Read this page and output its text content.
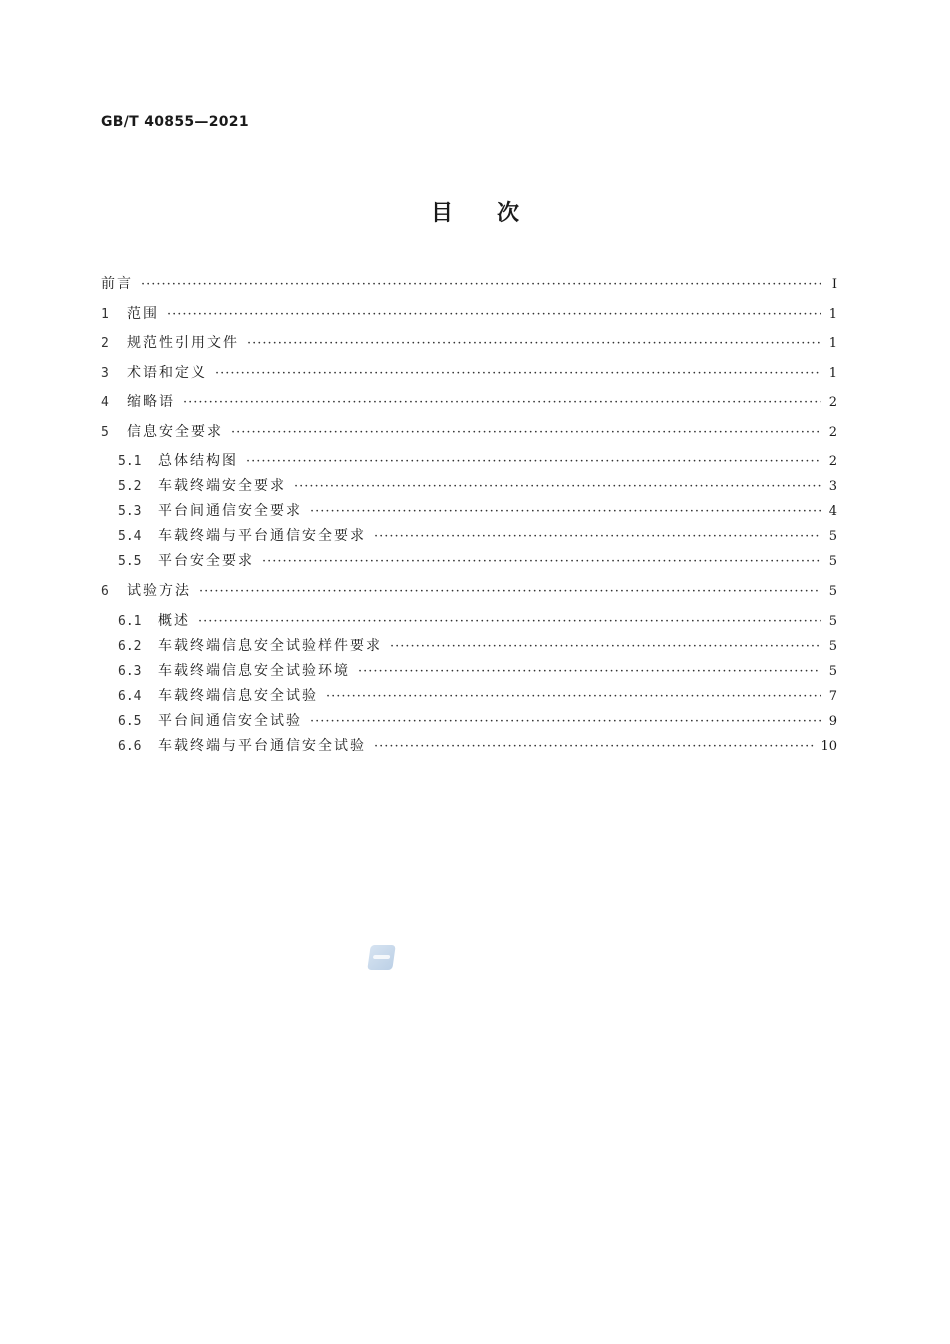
GB/T 40855—2021
目次
前言 ·····	I
1	范围 ·····	1
2	规范性引用文件 ·····	1
3	术语和定义 ·····	1
4	缩略语 ·····	2
5	信息安全要求 ·····	2
5.1	总体结构图 ·····	2
5.2	车载终端安全要求 ·····	3
5.3	平台间通信安全要求 ·····	4
5.4	车载终端与平台通信安全要求 ·····	5
5.5	平台安全要求 ·····	5
6	试验方法 ·····	5
6.1	概述 ·····	5
6.2	车载终端信息安全试验样件要求 ·····	5
6.3	车载终端信息安全试验环境 ·····	5
6.4	车载终端信息安全试验 ·····	7
6.5	平台间通信安全试验 ·····	9
6.6	车载终端与平台通信安全试验 ·····	10
